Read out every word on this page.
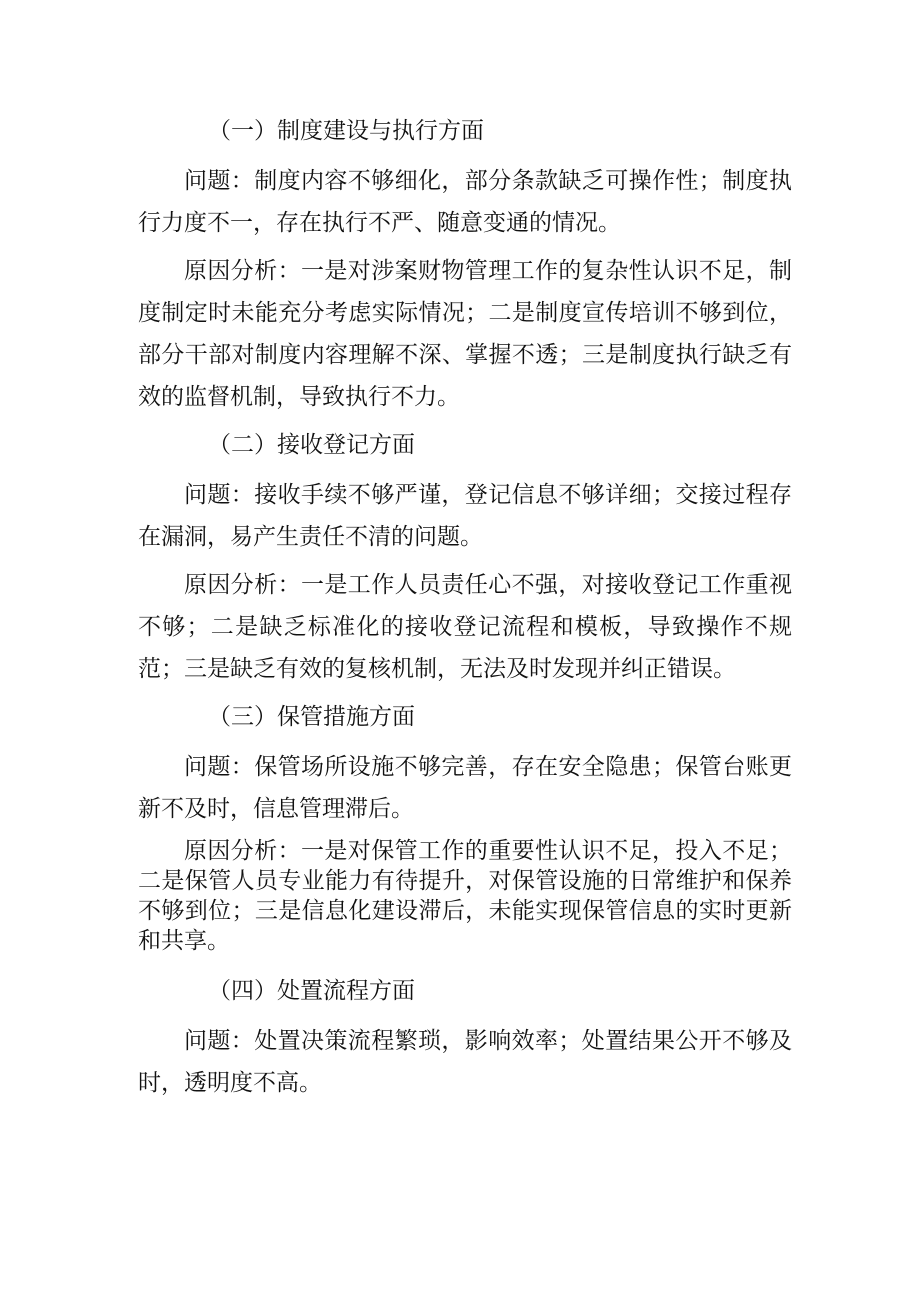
（一）制度建设与执行方面

问题：制度内容不够细化，部分条款缺乏可操作性；制度执行力度不一，存在执行不严、随意变通的情况。

原因分析：一是对涉案财物管理工作的复杂性认识不足，制度制定时未能充分考虑实际情况；二是制度宣传培训不够到位，部分干部对制度内容理解不深、掌握不透；三是制度执行缺乏有效的监督机制，导致执行不力。

（二）接收登记方面

问题：接收手续不够严谨，登记信息不够详细；交接过程存在漏洞，易产生责任不清的问题。

原因分析：一是工作人员责任心不强，对接收登记工作重视不够；二是缺乏标准化的接收登记流程和模板，导致操作不规范；三是缺乏有效的复核机制，无法及时发现并纠正错误。

（三）保管措施方面

问题：保管场所设施不够完善，存在安全隐患；保管台账更新不及时，信息管理滞后。

原因分析：一是对保管工作的重要性认识不足，投入不足；二是保管人员专业能力有待提升，对保管设施的日常维护和保养不够到位；三是信息化建设滞后，未能实现保管信息的实时更新和共享。

（四）处置流程方面

问题：处置决策流程繁琐，影响效率；处置结果公开不够及时，透明度不高。
